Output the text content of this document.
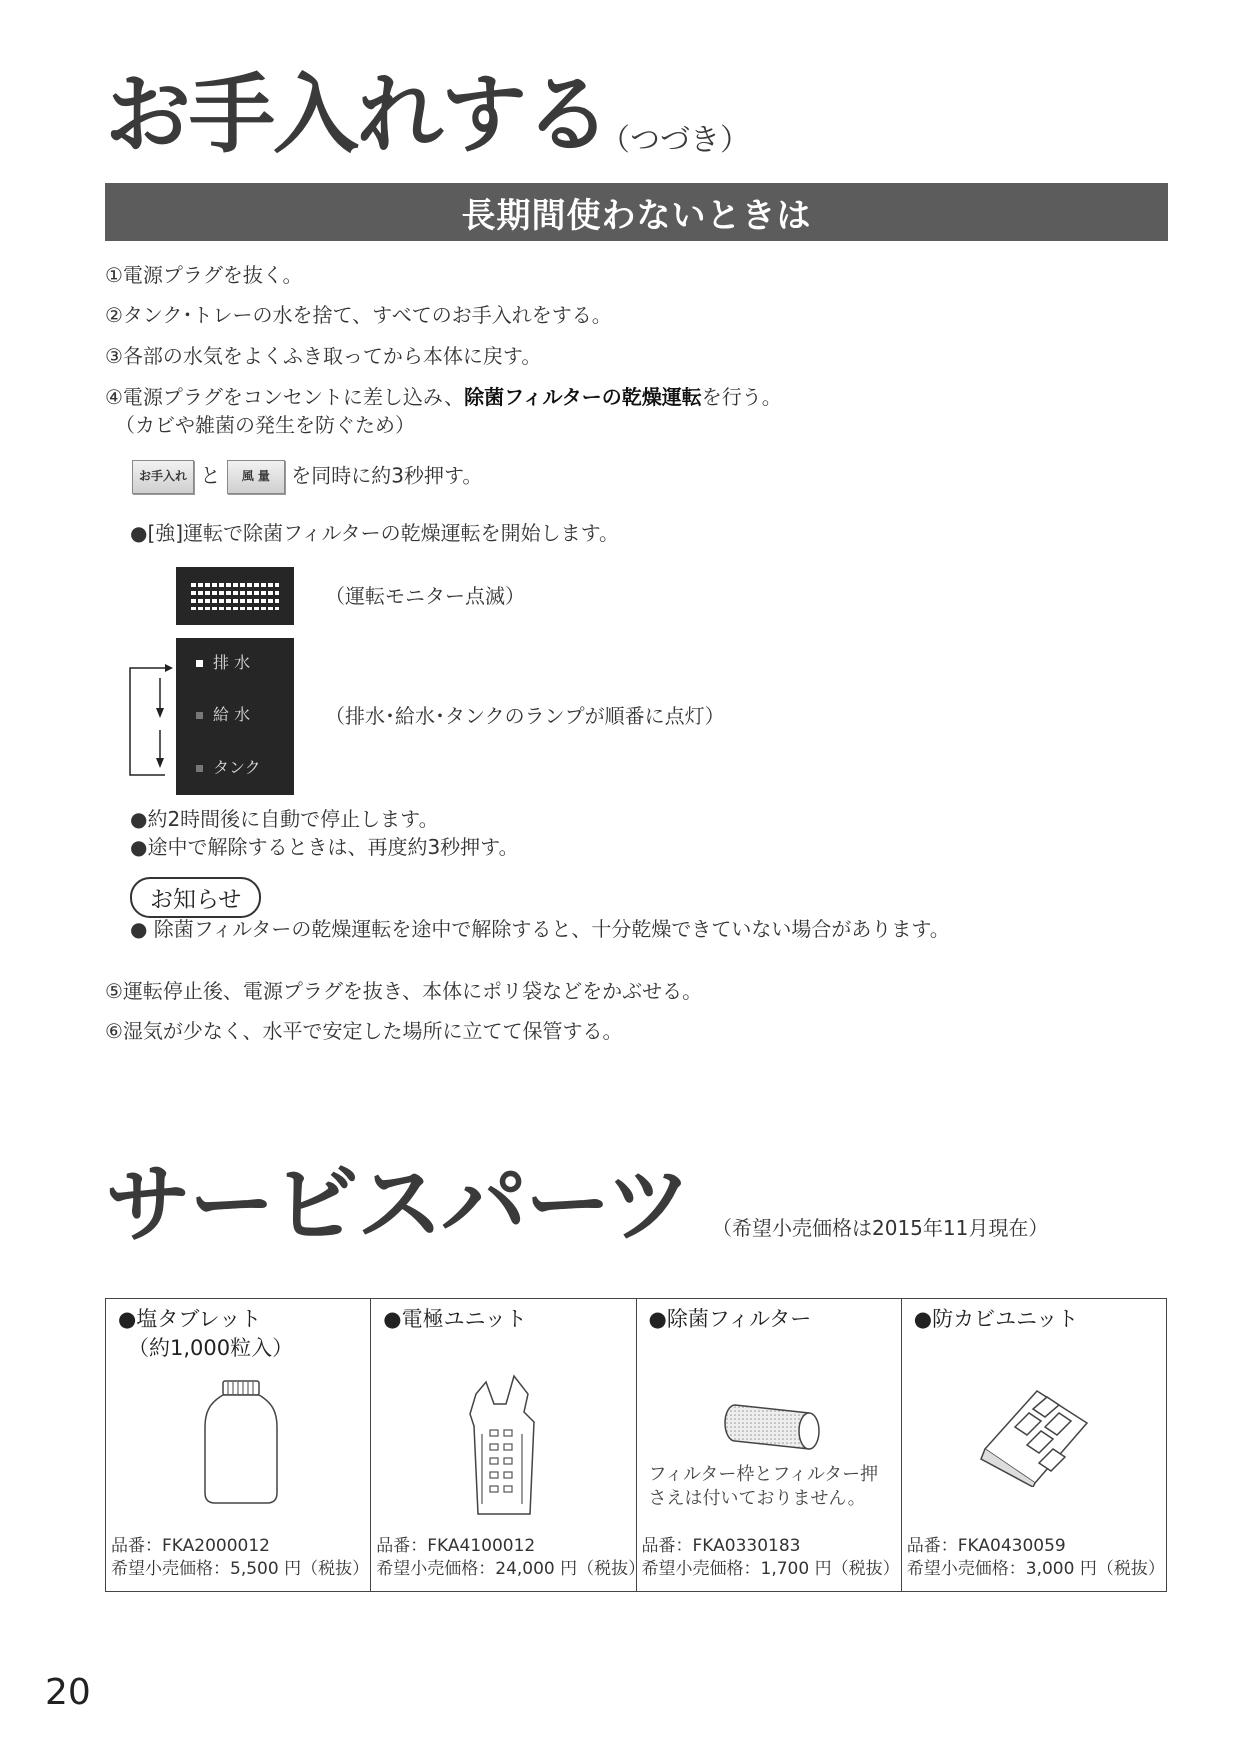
お手入れする
（つづき）
長期間使わないときは
①電源プラグを抜く。
②タンク･トレーの水を捨て、すべてのお手入れをする。
③各部の水気をよくふき取ってから本体に戻す。
④電源プラグをコンセントに差し込み、除菌フィルターの乾燥運転を行う。
（カビや雑菌の発生を防ぐため）
お手入れ と 風 量 を同時に約3秒押す。
●[強]運転で除菌フィルターの乾燥運転を開始します。
（運転モニター点滅）
排 水
給 水
タンク
（排水･給水･タンクのランプが順番に点灯）
●約2時間後に自動で停止します。
●途中で解除するときは、再度約3秒押す。
お知らせ
● 除菌フィルターの乾燥運転を途中で解除すると、十分乾燥できていない場合があります。
⑤運転停止後、電源プラグを抜き、本体にポリ袋などをかぶせる。
⑥湿気が少なく、水平で安定した場所に立てて保管する。
サービスパーツ （希望小売価格は2015年11月現在）
●塩タブレット
（約1,000粒入）
品番：FKA2000012
希望小売価格：5,500 円（税抜）

●電極ユニット
品番：FKA4100012
希望小売価格：24,000 円（税抜）

●除菌フィルター
フィルター枠とフィルター押
さえは付いておりません。
品番：FKA0330183
希望小売価格：1,700 円（税抜）

●防カビユニット
品番：FKA0430059
希望小売価格：3,000 円（税抜）
20
